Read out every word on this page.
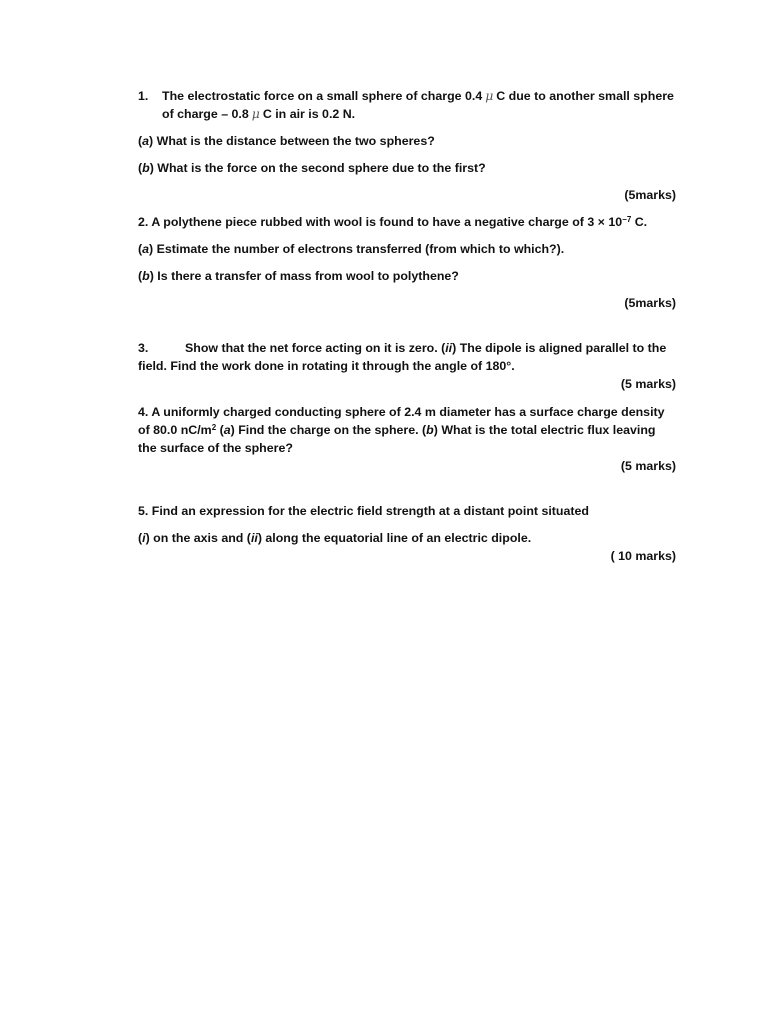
1.	The electrostatic force on a small sphere of charge 0.4 μ C due to another small sphere of charge – 0.8 μ C in air is 0.2 N.

(a) What is the distance between the two spheres?

(b) What is the force on the second sphere due to the first?

(5marks)

2. A polythene piece rubbed with wool is found to have a negative charge of $3 \times 10^{-7}$ C.

(a) Estimate the number of electrons transferred (from which to which?).

(b) Is there a transfer of mass from wool to polythene?

(5marks)

3.	Show that the net force acting on it is zero. (ii) The dipole is aligned parallel to the field. Find the work done in rotating it through the angle of 180°.

(5 marks)

4. A uniformly charged conducting sphere of 2.4 m diameter has a surface charge density of 80.0 $nC/m^2$ (a) Find the charge on the sphere. (b) What is the total electric flux leaving the surface of the sphere?

(5 marks)

5. Find an expression for the electric field strength at a distant point situated

(i) on the axis and (ii) along the equatorial line of an electric dipole.

( 10 marks)
